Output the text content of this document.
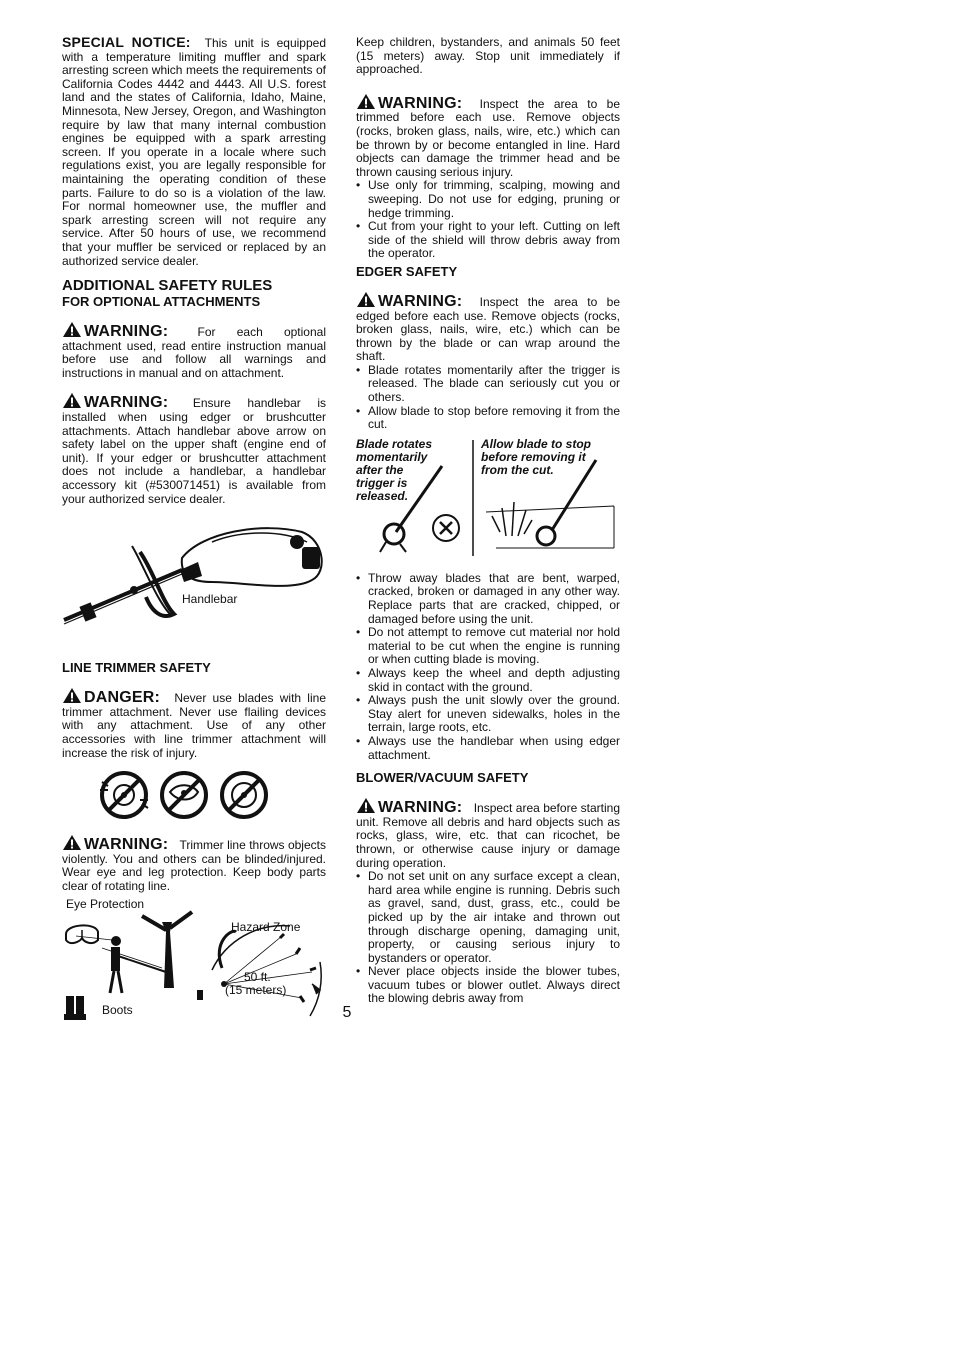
SPECIAL NOTICE: This unit is equipped with a temperature limiting muffler and spark arresting screen which meets the requirements of California Codes 4442 and 4443. All U.S. forest land and the states of California, Idaho, Maine, Minnesota, New Jersey, Oregon, and Washington require by law that many internal combustion engines be equipped with a spark arresting screen. If you operate in a locale where such regulations exist, you are legally responsible for maintaining the operating condition of these parts. Failure to do so is a violation of the law. For normal homeowner use, the muffler and spark arresting screen will not require any service. After 50 hours of use, we recommend that your muffler be serviced or replaced by an authorized service dealer.

ADDITIONAL SAFETY RULES
FOR OPTIONAL ATTACHMENTS

WARNING: For each optional attachment used, read entire instruction manual before use and follow all warnings and instructions in manual and on attachment.

WARNING: Ensure handlebar is installed when using edger or brushcutter attachments. Attach handlebar above arrow on safety label on the upper shaft (engine end of unit). If your edger or brushcutter attachment does not include a handlebar, a handlebar accessory kit (#530071451) is available from your authorized service dealer.

Handlebar
LINE TRIMMER SAFETY

DANGER: Never use blades with line trimmer attachment. Never use flailing devices with any attachment. Use of any other accessories with line trimmer attachment will increase the risk of injury.

WARNING: Trimmer line throws objects violently. You and others can be blinded/injured. Wear eye and leg protection. Keep body parts clear of rotating line.

Eye Protection
Boots
Hazard Zone
50 ft.
(15 meters)

Keep children, bystanders, and animals 50 feet (15 meters) away. Stop unit immediately if approached.

WARNING: Inspect the area to be trimmed before each use. Remove objects (rocks, broken glass, nails, wire, etc.) which can be thrown by or become entangled in line. Hard objects can damage the trimmer head and be thrown causing serious injury.

• Use only for trimming, scalping, mowing and sweeping. Do not use for edging, pruning or hedge trimming.
• Cut from your right to your left. Cutting on left side of the shield will throw debris away from the operator.
EDGER SAFETY

WARNING: Inspect the area to be edged before each use. Remove objects (rocks, broken glass, nails, wire, etc.) which can be thrown by the blade or can wrap around the shaft.

• Blade rotates momentarily after the trigger is released. The blade can seriously cut you or others.
• Allow blade to stop before removing it from the cut.
Blade rotates
momentarily
after the
trigger is
released.
Allow blade to stop
before removing it
from the cut.
• Throw away blades that are bent, warped, cracked, broken or damaged in any other way. Replace parts that are cracked, chipped, or damaged before using the unit.
• Do not attempt to remove cut material nor hold material to be cut when the engine is running or when cutting blade is moving.
• Always keep the wheel and depth adjusting skid in contact with the ground.
• Always push the unit slowly over the ground. Stay alert for uneven sidewalks, holes in the terrain, large roots, etc.
• Always use the handlebar when using edger attachment.
BLOWER/VACUUM SAFETY

WARNING: Inspect area before starting unit. Remove all debris and hard objects such as rocks, glass, wire, etc. that can ricochet, be thrown, or otherwise cause injury or damage during operation.

• Do not set unit on any surface except a clean, hard area while engine is running. Debris such as gravel, sand, dust, grass, etc., could be picked up by the air intake and thrown out through discharge opening, damaging unit, property, or causing serious injury to bystanders or operator.
• Never place objects inside the blower tubes, vacuum tubes or blower outlet. Always direct the blowing debris away from
5
